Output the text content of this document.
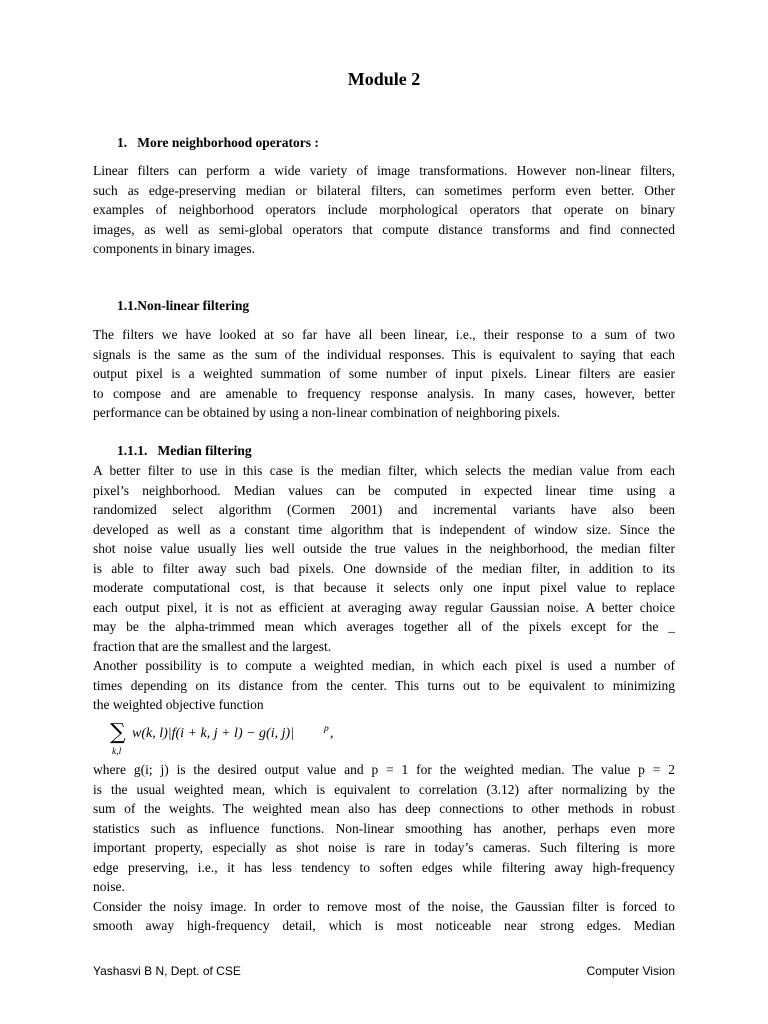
Module 2
1. More neighborhood operators :
Linear filters can perform a wide variety of image transformations. However non-linear filters,
such as edge-preserving median or bilateral filters, can sometimes perform even better. Other
examples of neighborhood operators include morphological operators that operate on binary
images, as well as semi-global operators that compute distance transforms and find connected
components in binary images.
1.1.Non-linear filtering
The filters we have looked at so far have all been linear, i.e., their response to a sum of two
signals is the same as the sum of the individual responses. This is equivalent to saying that each
output pixel is a weighted summation of some number of input pixels. Linear filters are easier
to compose and are amenable to frequency response analysis. In many cases, however, better
performance can be obtained by using a non-linear combination of neighboring pixels.
1.1.1. Median filtering
A better filter to use in this case is the median filter, which selects the median value from each
pixel’s neighborhood. Median values can be computed in expected linear time using a
randomized select algorithm (Cormen 2001) and incremental variants have also been
developed as well as a constant time algorithm that is independent of window size. Since the
shot noise value usually lies well outside the true values in the neighborhood, the median filter
is able to filter away such bad pixels. One downside of the median filter, in addition to its
moderate computational cost, is that because it selects only one input pixel value to replace
each output pixel, it is not as efficient at averaging away regular Gaussian noise. A better choice
may be the alpha-trimmed mean which averages together all of the pixels except for the _
fraction that are the smallest and the largest.
Another possibility is to compute a weighted median, in which each pixel is used a number of
times depending on its distance from the center. This turns out to be equivalent to minimizing
the weighted objective function
∑
k,l
w(k, l)|f(i + k, j + l) − g(i, j)|	p ,
where g(i; j) is the desired output value and p = 1 for the weighted median. The value p = 2
is the usual weighted mean, which is equivalent to correlation (3.12) after normalizing by the
sum of the weights. The weighted mean also has deep connections to other methods in robust
statistics such as influence functions. Non-linear smoothing has another, perhaps even more
important property, especially as shot noise is rare in today’s cameras. Such filtering is more
edge preserving, i.e., it has less tendency to soften edges while filtering away high-frequency
noise.
Consider the noisy image. In order to remove most of the noise, the Gaussian filter is forced to
smooth away high-frequency detail, which is most noticeable near strong edges. Median
Yashasvi B N, Dept. of CSE	Computer Vision
